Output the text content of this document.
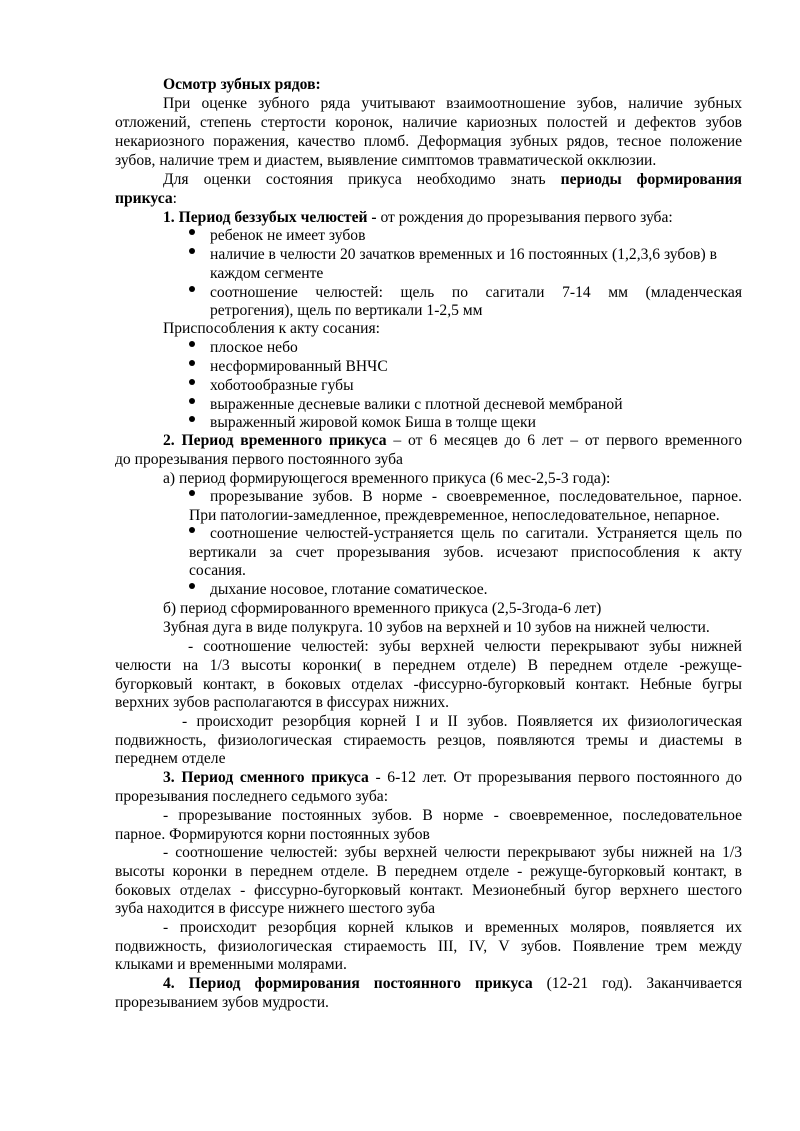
Осмотр зубных рядов:
При оценке зубного ряда учитывают взаимоотношение зубов, наличие зубных
отложений, степень стертости коронок, наличие кариозных полостей и дефектов зубов
некариозного поражения, качество пломб. Деформация зубных рядов, тесное положение
зубов, наличие трем и диастем, выявление симптомов травматической окклюзии.
Для оценки состояния прикуса необходимо знать периоды формирования
прикуса:
1. Период беззубых челюстей - от рождения до прорезывания первого зуба:
ребенок не имеет зубов
наличие в челюсти 20 зачатков временных и 16 постоянных (1,2,3,6 зубов) в
каждом сегменте
соотношение челюстей: щель по сагитали 7-14 мм (младенческая
ретрогения), щель по вертикали 1-2,5 мм
Приспособления к акту сосания:
плоское небо
несформированный ВНЧС
хоботообразные губы
выраженные десневые валики с плотной десневой мембраной
выраженный жировой комок Биша в толще щеки
2. Период временного прикуса – от 6 месяцев до 6 лет – от первого временного
до прорезывания первого постоянного зуба
а) период формирующегося временного прикуса (6 мес-2,5-3 года):
прорезывание зубов. В норме - своевременное, последовательное, парное.
При патологии-замедленное, преждевременное, непоследовательное, непарное.
соотношение челюстей-устраняется щель по сагитали. Устраняется щель по
вертикали за счет прорезывания зубов. исчезают приспособления к акту
сосания.
дыхание носовое, глотание соматическое.
б) период сформированного временного прикуса (2,5-3года-6 лет)
Зубная дуга в виде полукруга. 10 зубов на верхней и 10 зубов на нижней челюсти.
- соотношение челюстей: зубы верхней челюсти перекрывают зубы нижней
челюсти на 1/3 высоты коронки( в переднем отделе) В переднем отделе -режуще-
бугорковый контакт, в боковых отделах -фиссурно-бугорковый контакт. Небные бугры
верхних зубов располагаются в фиссурах нижних.
- происходит резорбция корней I и II зубов. Появляется их физиологическая
подвижность, физиологическая стираемость резцов, появляются тремы и диастемы в
переднем отделе
3. Период сменного прикуса - 6-12 лет. От прорезывания первого постоянного до
прорезывания последнего седьмого зуба:
- прорезывание постоянных зубов. В норме - своевременное, последовательное
парное. Формируются корни постоянных зубов
- соотношение челюстей: зубы верхней челюсти перекрывают зубы нижней на 1/3
высоты коронки в переднем отделе. В переднем отделе - режуще-бугорковый контакт, в
боковых отделах - фиссурно-бугорковый контакт. Мезионебный бугор верхнего шестого
зуба находится в фиссуре нижнего шестого зуба
- происходит резорбция корней клыков и временных моляров, появляется их
подвижность, физиологическая стираемость III, IV, V зубов. Появление трем между
клыками и временными молярами.
4. Период формирования постоянного прикуса (12-21 год). Заканчивается
прорезыванием зубов мудрости.
